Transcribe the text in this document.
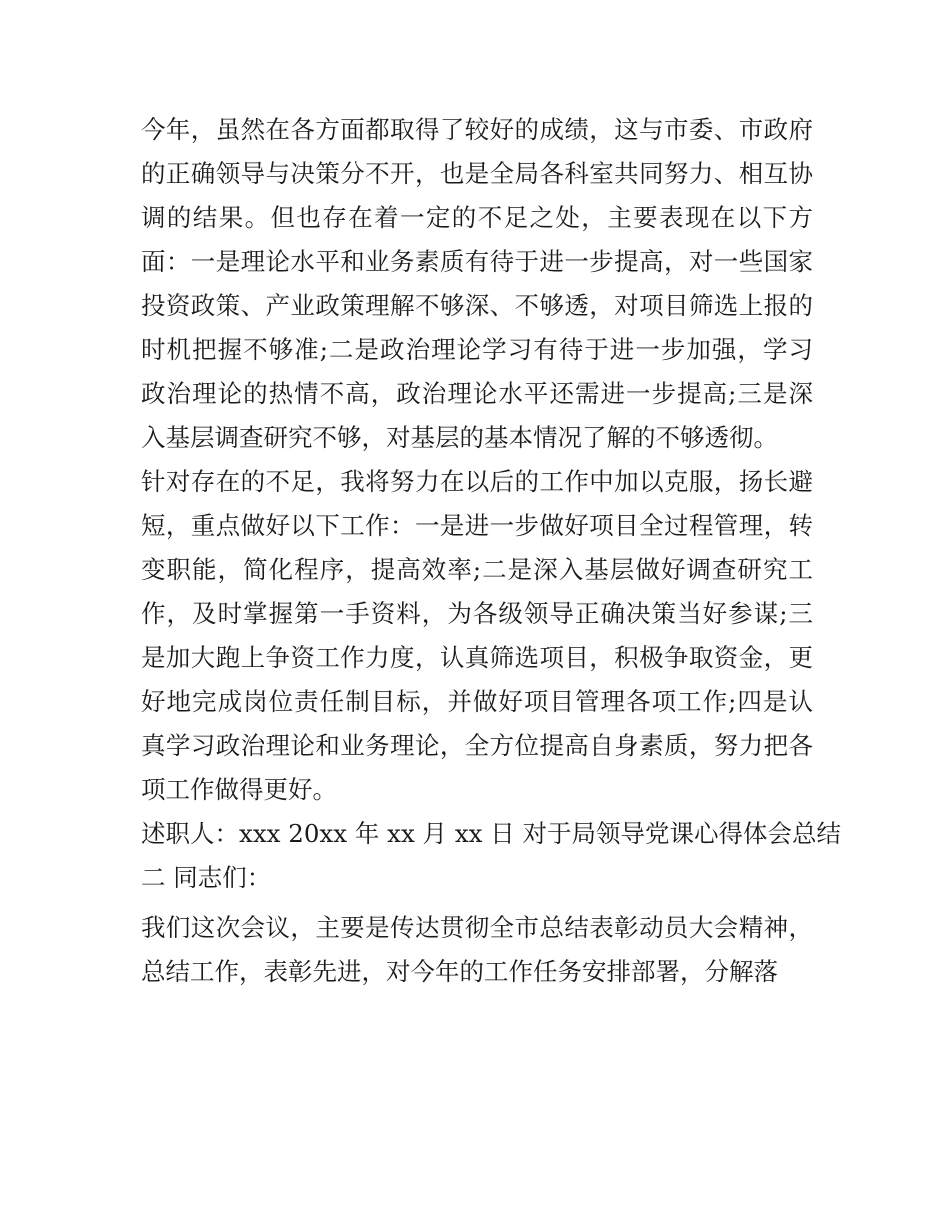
今年，虽然在各方面都取得了较好的成绩，这与市委、市政府
的正确领导与决策分不开，也是全局各科室共同努力、相互协
调的结果。但也存在着一定的不足之处，主要表现在以下方
面：一是理论水平和业务素质有待于进一步提高，对一些国家
投资政策、产业政策理解不够深、不够透，对项目筛选上报的
时机把握不够准;二是政治理论学习有待于进一步加强，学习
政治理论的热情不高，政治理论水平还需进一步提高;三是深
入基层调查研究不够，对基层的基本情况了解的不够透彻。
针对存在的不足，我将努力在以后的工作中加以克服，扬长避
短，重点做好以下工作：一是进一步做好项目全过程管理，转
变职能，简化程序，提高效率;二是深入基层做好调查研究工
作，及时掌握第一手资料，为各级领导正确决策当好参谋;三
是加大跑上争资工作力度，认真筛选项目，积极争取资金，更
好地完成岗位责任制目标，并做好项目管理各项工作;四是认
真学习政治理论和业务理论，全方位提高自身素质，努力把各
项工作做得更好。
述职人：xxx 20xx 年 xx 月 xx 日 对于局领导党课心得体会总结
二 同志们：
我们这次会议，主要是传达贯彻全市总结表彰动员大会精神，
总结工作，表彰先进，对今年的工作任务安排部署，分解落
